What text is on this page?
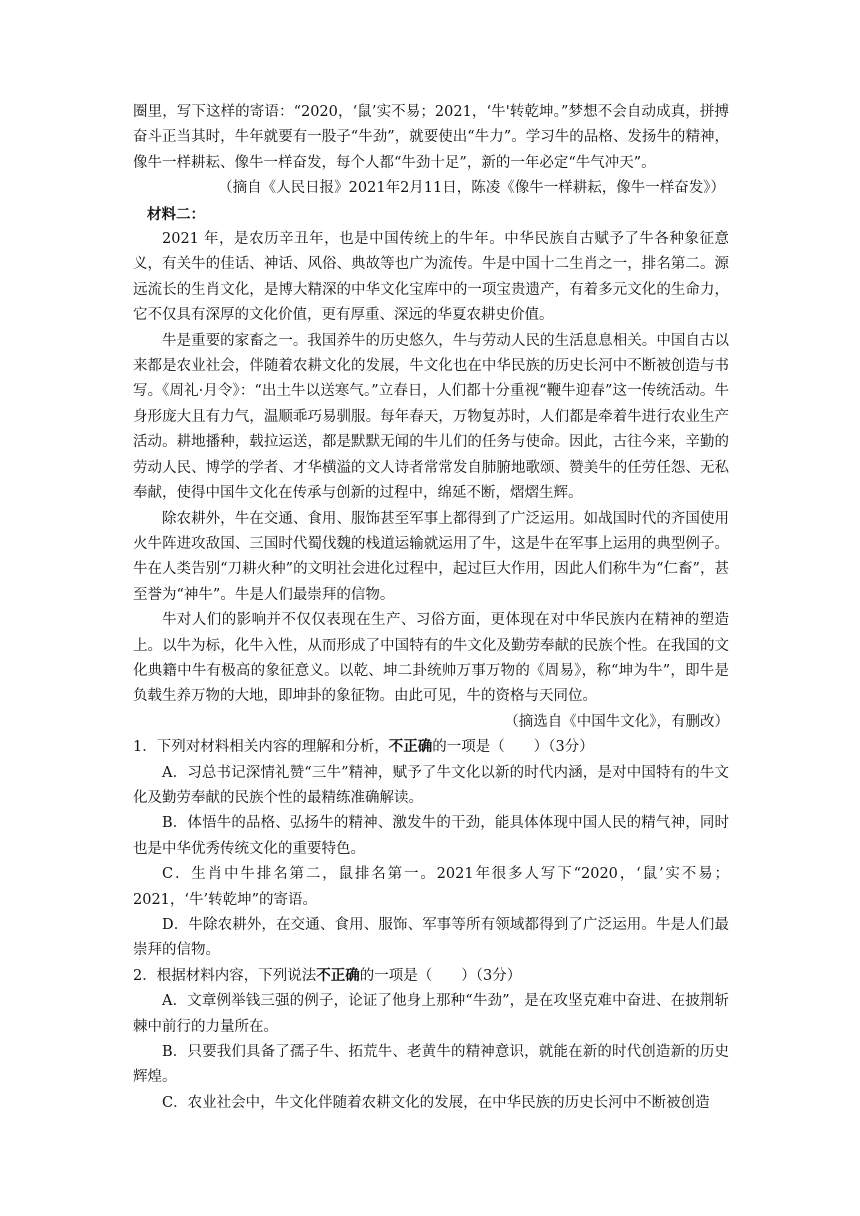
圈里，写下这样的寄语：“2020，‘鼠’实不易；2021，‘牛'转乾坤。”梦想不会自动成真，拼搏奋斗正当其时，牛年就要有一股子“牛劲”，就要使出“牛力”。学习牛的品格、发扬牛的精神，像牛一样耕耘、像牛一样奋发，每个人都“牛劲十足”，新的一年必定“牛气冲天”。

（摘自《人民日报》2021年2月11日，陈凌《像牛一样耕耘，像牛一样奋发》）

材料二：

2021 年，是农历辛丑年，也是中国传统上的牛年。中华民族自古赋予了牛各种象征意义，有关牛的佳话、神话、风俗、典故等也广为流传。牛是中国十二生肖之一，排名第二。源远流长的生肖文化，是博大精深的中华文化宝库中的一项宝贵遗产，有着多元文化的生命力，它不仅具有深厚的文化价值，更有厚重、深远的华夏农耕史价值。

牛是重要的家畜之一。我国养牛的历史悠久，牛与劳动人民的生活息息相关。中国自古以来都是农业社会，伴随着农耕文化的发展，牛文化也在中华民族的历史长河中不断被创造与书写。《周礼·月令》：“出土牛以送寒气。”立春日，人们都十分重视“鞭牛迎春”这一传统活动。牛身形庞大且有力气，温顺乖巧易驯服。每年春天，万物复苏时，人们都是牵着牛进行农业生产活动。耕地播种，载拉运送，都是默默无闻的牛儿们的任务与使命。因此，古往今来，辛勤的劳动人民、博学的学者、才华横溢的文人诗者常常发自肺腑地歌颂、赞美牛的任劳任怨、无私奉献，使得中国牛文化在传承与创新的过程中，绵延不断，熠熠生辉。

除农耕外，牛在交通、食用、服饰甚至军事上都得到了广泛运用。如战国时代的齐国使用火牛阵进攻敌国、三国时代蜀伐魏的栈道运输就运用了牛，这是牛在军事上运用的典型例子。牛在人类告别“刀耕火种”的文明社会进化过程中，起过巨大作用，因此人们称牛为“仁畜”，甚至誉为“神牛”。牛是人们最崇拜的信物。

牛对人们的影响并不仅仅表现在生产、习俗方面，更体现在对中华民族内在精神的塑造上。以牛为标，化牛入性，从而形成了中国特有的牛文化及勤劳奉献的民族个性。在我国的文化典籍中牛有极高的象征意义。以乾、坤二卦统帅万事万物的《周易》，称“坤为牛”，即牛是负载生养万物的大地，即坤卦的象征物。由此可见，牛的资格与天同位。

（摘选自《中国牛文化》，有删改）

1．下列对材料相关内容的理解和分析，不正确的一项是（　　）（3分）

A．习总书记深情礼赞“三牛”精神，赋予了牛文化以新的时代内涵，是对中国特有的牛文化及勤劳奉献的民族个性的最精练准确解读。

B．体悟牛的品格、弘扬牛的精神、激发牛的干劲，能具体体现中国人民的精气神，同时也是中华优秀传统文化的重要特色。

C．生肖中牛排名第二，鼠排名第一。2021年很多人写下“2020，‘鼠’实不易；2021，‘牛’转乾坤”的寄语。

D．牛除农耕外，在交通、食用、服饰、军事等所有领域都得到了广泛运用。牛是人们最崇拜的信物。

2．根据材料内容，下列说法不正确的一项是（　　）（3分）

A．文章例举钱三强的例子，论证了他身上那种“牛劲”，是在攻坚克难中奋进、在披荆斩棘中前行的力量所在。

B．只要我们具备了孺子牛、拓荒牛、老黄牛的精神意识，就能在新的时代创造新的历史辉煌。

C．农业社会中，牛文化伴随着农耕文化的发展，在中华民族的历史长河中不断被创造
